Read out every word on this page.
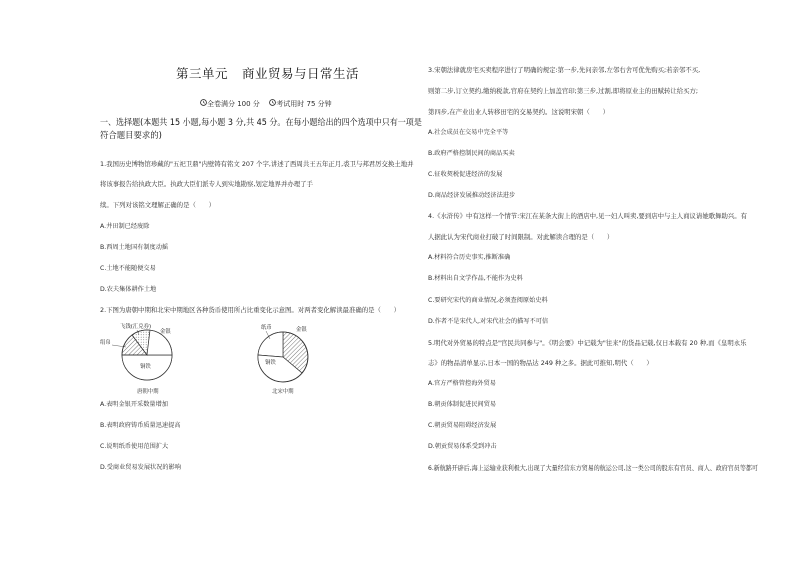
第三单元 商业贸易与日常生活
全卷满分 100 分 考试用时 75 分钟
一、选择题(本题共 15 小题,每小题 3 分,共 45 分。在每小题给出的四个选项中只有一项是
符合题目要求的)
1.我国历史博物馆珍藏的"五祀卫鼎"内壁铸有铭文 207 个字,讲述了西周共王五年正月,裘卫与邦君厉交换土地并
将该事报告给执政大臣。执政大臣们派专人到实地勘察,划定地界并办理了手
续。下列对该铭文理解正确的是（　　）
A.井田制已经废除
B.西周土地国有制度动摇
C.土地不能随便交易
D.农夫集体耕作土地
2.下图为唐朝中期和北宋中期地区各种货币使用所占比重变化示意图。对两者变化解读最准确的是（　　）
A.表明金银开采数量增加
B.表明政府铸币质量迅速提高
C.说明纸币使用范围扩大
D.受商业贸易发展状况的影响
飞钱(汇兑券)
金银
铜铁
绢帛
唐朝中期
纸币	金银
铜铁
北宋中期
3.宋朝法律就房宅买卖程序进行了明确的规定:第一步,先问亲邻,左邻右舍可优先购买;若亲邻不买,
则第二步,订立契约,缴纳税款,官府在契约上加盖官印;第三步,过割,即将原业主的田赋转让给买方;
第四步,在产业出业人转移田宅的交易契约。这说明宋朝（　　）
A.社会成员在交易中完全平等
B.政府严格控制民间的商品买卖
C.征收契税促进经济的发展
D.商品经济发展推动经济法进步
4.《水浒传》中有这样一个情节:宋江在某条大街上的酒店中,见一妇人叫卖,要到店中与主人商议请她歌舞助兴。有
人据此认为宋代商业打破了时间限制。对此解读合理的是（　　）
A.材料符合历史事实,推断准确
B.材料出自文学作品,不能作为史料
C.要研究宋代的商业情况,必须查阅原始史料
D.作者不是宋代人,对宋代社会的描写不可信
5.明代对外贸易的特点是"官民共同参与"。《明会要》中记载为"往来"的货品记载,仅日本载有 20 种,而《皇明永乐
志》的物品清单显示,日本一国的物品达 249 种之多。据此可推知,明代（　　）
A.官方严格管控海外贸易
B.朝贡体制促进民间贸易
C.朝贡贸易阻碍经济发展
D.朝贡贸易体系受到冲击
6.新航路开辟后,海上运输业获利极大,出现了大量经营东方贸易的航运公司,这一类公司的股东有官员、商人、政府官员等都可
